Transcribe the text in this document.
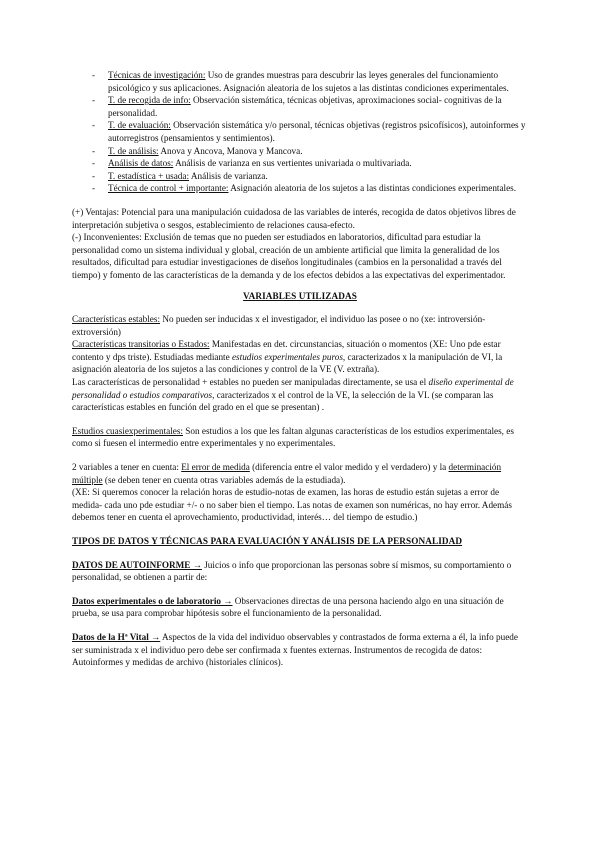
- Técnicas de investigación: Uso de grandes muestras para descubrir las leyes generales del funcionamiento psicológico y sus aplicaciones. Asignación aleatoria de los sujetos a las distintas condiciones experimentales.
- T. de recogida de info: Observación sistemática, técnicas objetivas, aproximaciones social- cognitivas de la personalidad.
- T. de evaluación: Observación sistemática y/o personal, técnicas objetivas (registros psicofísicos), autoinformes y autorregistros (pensamientos y sentimientos).
- T. de análisis: Anova y Ancova, Manova y Mancova.
- Análisis de datos: Análisis de varianza en sus vertientes univariada o multivariada.
- T. estadística + usada: Análisis de varianza.
- Técnica de control + importante: Asignación aleatoria de los sujetos a las distintas condiciones experimentales.

(+) Ventajas: Potencial para una manipulación cuidadosa de las variables de interés, recogida de datos objetivos libres de interpretación subjetiva o sesgos, establecimiento de relaciones causa-efecto.

(-) Inconvenientes: Exclusión de temas que no pueden ser estudiados en laboratorios, dificultad para estudiar la personalidad como un sistema individual y global, creación de un ambiente artificial que limita la generalidad de los resultados, dificultad para estudiar investigaciones de diseños longitudinales (cambios en la personalidad a través del tiempo) y fomento de las características de la demanda y de los efectos debidos a las expectativas del experimentador.

VARIABLES UTILIZADAS

Características estables: No pueden ser inducidas x el investigador, el individuo las posee o no (xe: introversión-extroversión)

Características transitorias o Estados: Manifestadas en det. circunstancias, situación o momentos (XE: Uno pde estar contento y dps triste). Estudiadas mediante estudios experimentales puros, caracterizados x la manipulación de VI, la asignación aleatoria de los sujetos a las condiciones y control de la VE (V. extraña).

Las características de personalidad + estables no pueden ser manipuladas directamente, se usa el diseño experimental de personalidad o estudios comparativos, caracterizados x el control de la VE, la selección de la VI. (se comparan las características estables en función del grado en el que se presentan) .

Estudios cuasiexperimentales: Son estudios a los que les faltan algunas características de los estudios experimentales, es como si fuesen el intermedio entre experimentales y no experimentales.

2 variables a tener en cuenta: El error de medida (diferencia entre el valor medido y el verdadero) y la determinación múltiple (se deben tener en cuenta otras variables además de la estudiada).

(XE: Si queremos conocer la relación horas de estudio-notas de examen, las horas de estudio están sujetas a error de medida- cada uno pde estudiar +/- o no saber bien el tiempo. Las notas de examen son numéricas, no hay error. Además debemos tener en cuenta el aprovechamiento, productividad, interés… del tiempo de estudio.)

TIPOS DE DATOS Y TÉCNICAS PARA EVALUACIÓN Y ANÁLISIS DE LA PERSONALIDAD

DATOS DE AUTOINFORME → Juicios o info que proporcionan las personas sobre sí mismos, su comportamiento o personalidad, se obtienen a partir de:

Datos experimentales o de laboratorio → Observaciones directas de una persona haciendo algo en una situación de prueba, se usa para comprobar hipótesis sobre el funcionamiento de la personalidad.

Datos de la Hª Vital → Aspectos de la vida del individuo observables y contrastados de forma externa a él, la info puede ser suministrada x el individuo pero debe ser confirmada x fuentes externas. Instrumentos de recogida de datos: Autoinformes y medidas de archivo (historiales clínicos).
